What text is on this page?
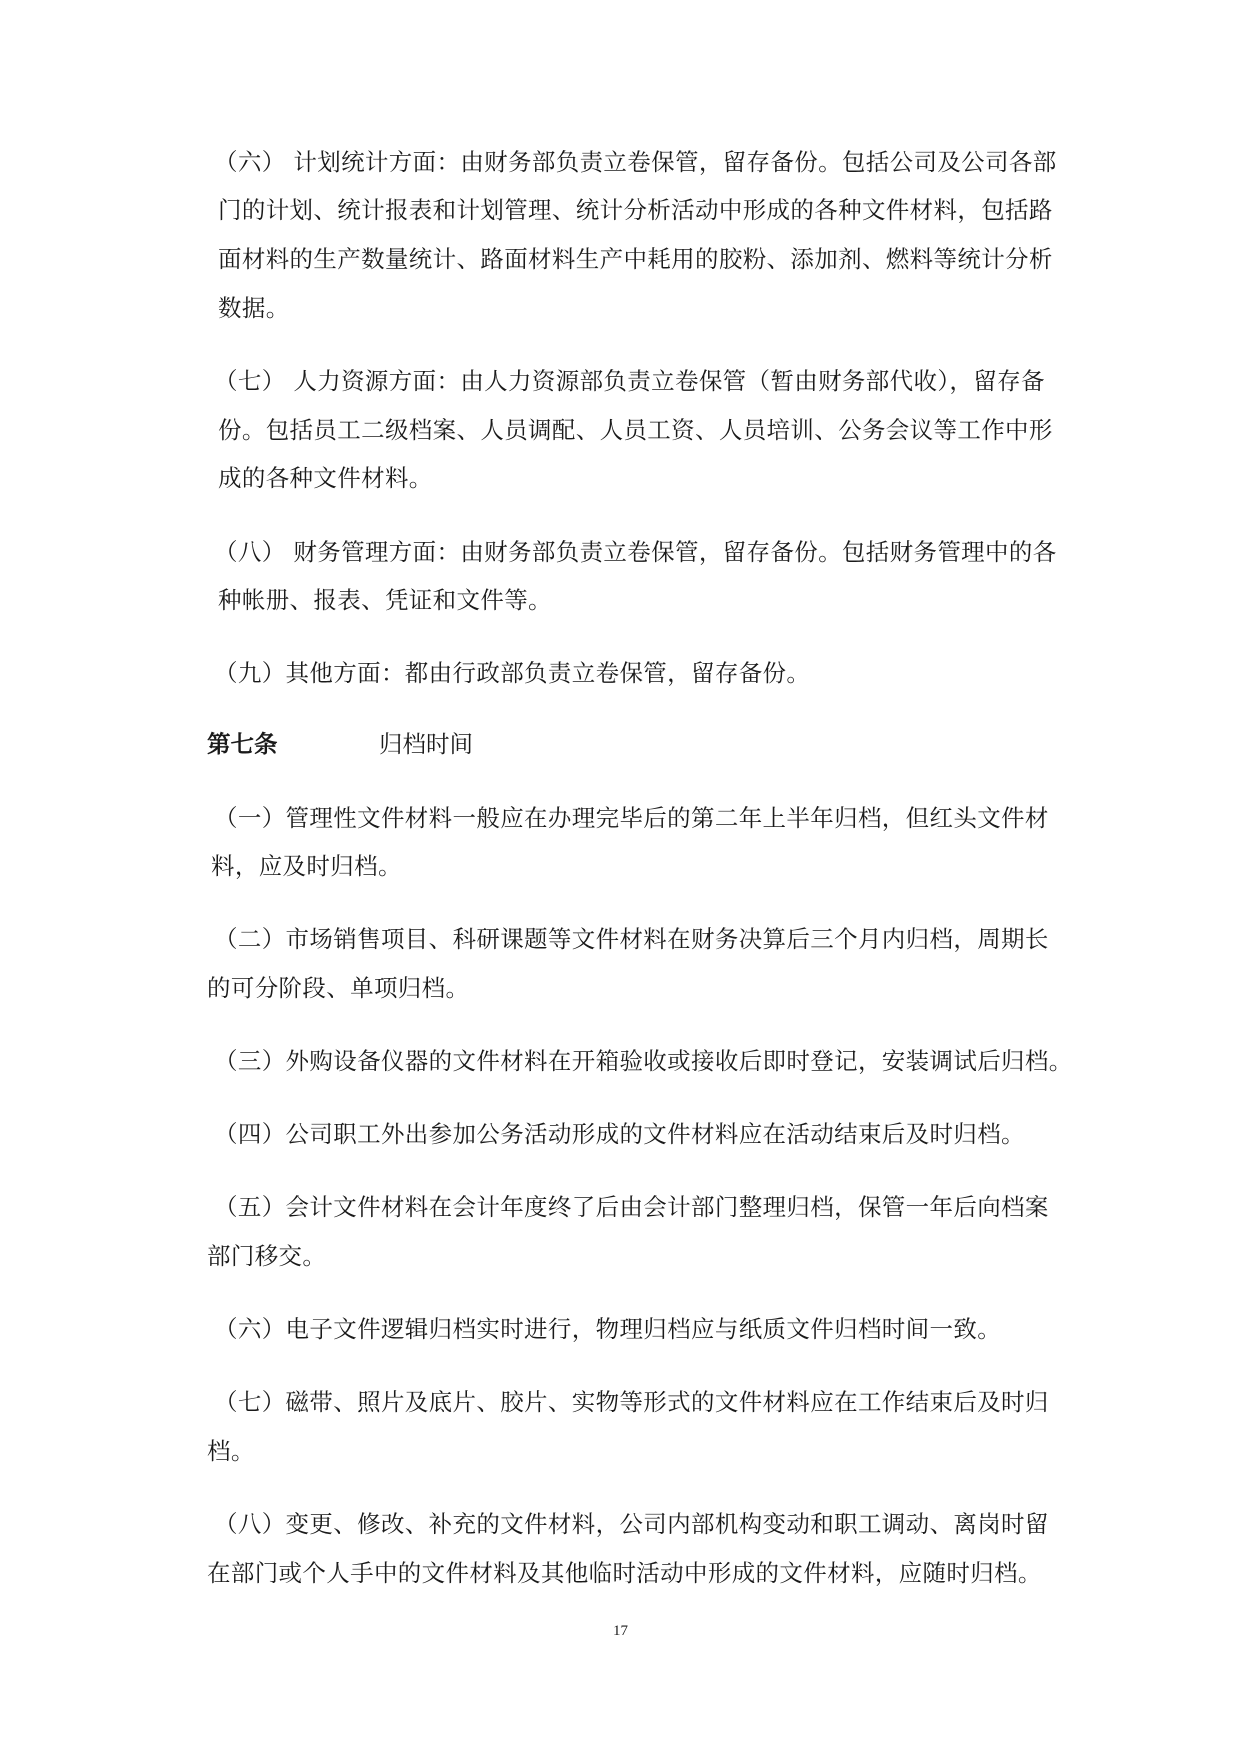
（六） 计划统计方面：由财务部负责立卷保管，留存备份。包括公司及公司各部
门的计划、统计报表和计划管理、统计分析活动中形成的各种文件材料，包括路
面材料的生产数量统计、路面材料生产中耗用的胶粉、添加剂、燃料等统计分析
数据。
（七） 人力资源方面：由人力资源部负责立卷保管（暂由财务部代收），留存备
份。包括员工二级档案、人员调配、人员工资、人员培训、公务会议等工作中形
成的各种文件材料。
（八） 财务管理方面：由财务部负责立卷保管，留存备份。包括财务管理中的各
种帐册、报表、凭证和文件等。
（九）其他方面：都由行政部负责立卷保管，留存备份。
第七条	归档时间
（一）管理性文件材料一般应在办理完毕后的第二年上半年归档，但红头文件材
料，应及时归档。
（二）市场销售项目、科研课题等文件材料在财务决算后三个月内归档，周期长
的可分阶段、单项归档。
（三）外购设备仪器的文件材料在开箱验收或接收后即时登记，安装调试后归档。
（四）公司职工外出参加公务活动形成的文件材料应在活动结束后及时归档。
（五）会计文件材料在会计年度终了后由会计部门整理归档，保管一年后向档案
部门移交。
（六）电子文件逻辑归档实时进行，物理归档应与纸质文件归档时间一致。
（七）磁带、照片及底片、胶片、实物等形式的文件材料应在工作结束后及时归
档。
（八）变更、修改、补充的文件材料，公司内部机构变动和职工调动、离岗时留
在部门或个人手中的文件材料及其他临时活动中形成的文件材料，应随时归档。
17
